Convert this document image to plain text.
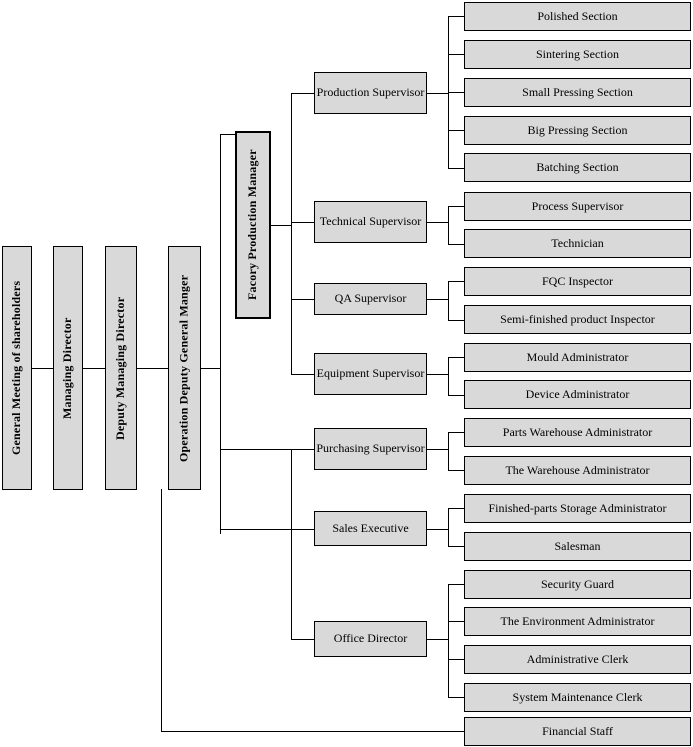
General Meeting of shareholders	Managing Director	Deputy Managing Director	Operation Deputy General Manger
Facory Production Manager
Production Supervisor
Technical Supervisor
QA Supervisor
Equipment Supervisor
Purchasing Supervisor
Sales Executive
Office Director
Polished Section
Sintering Section
Small Pressing Section
Big Pressing Section
Batching Section
Process Supervisor
Technician
FQC Inspector
Semi-finished product Inspector
Mould Administrator
Device Administrator
Parts Warehouse Administrator
The Warehouse Administrator
Finished-parts Storage Administrator
Salesman
Security Guard
The Environment Administrator
Administrative Clerk
System Maintenance Clerk
Financial Staff
